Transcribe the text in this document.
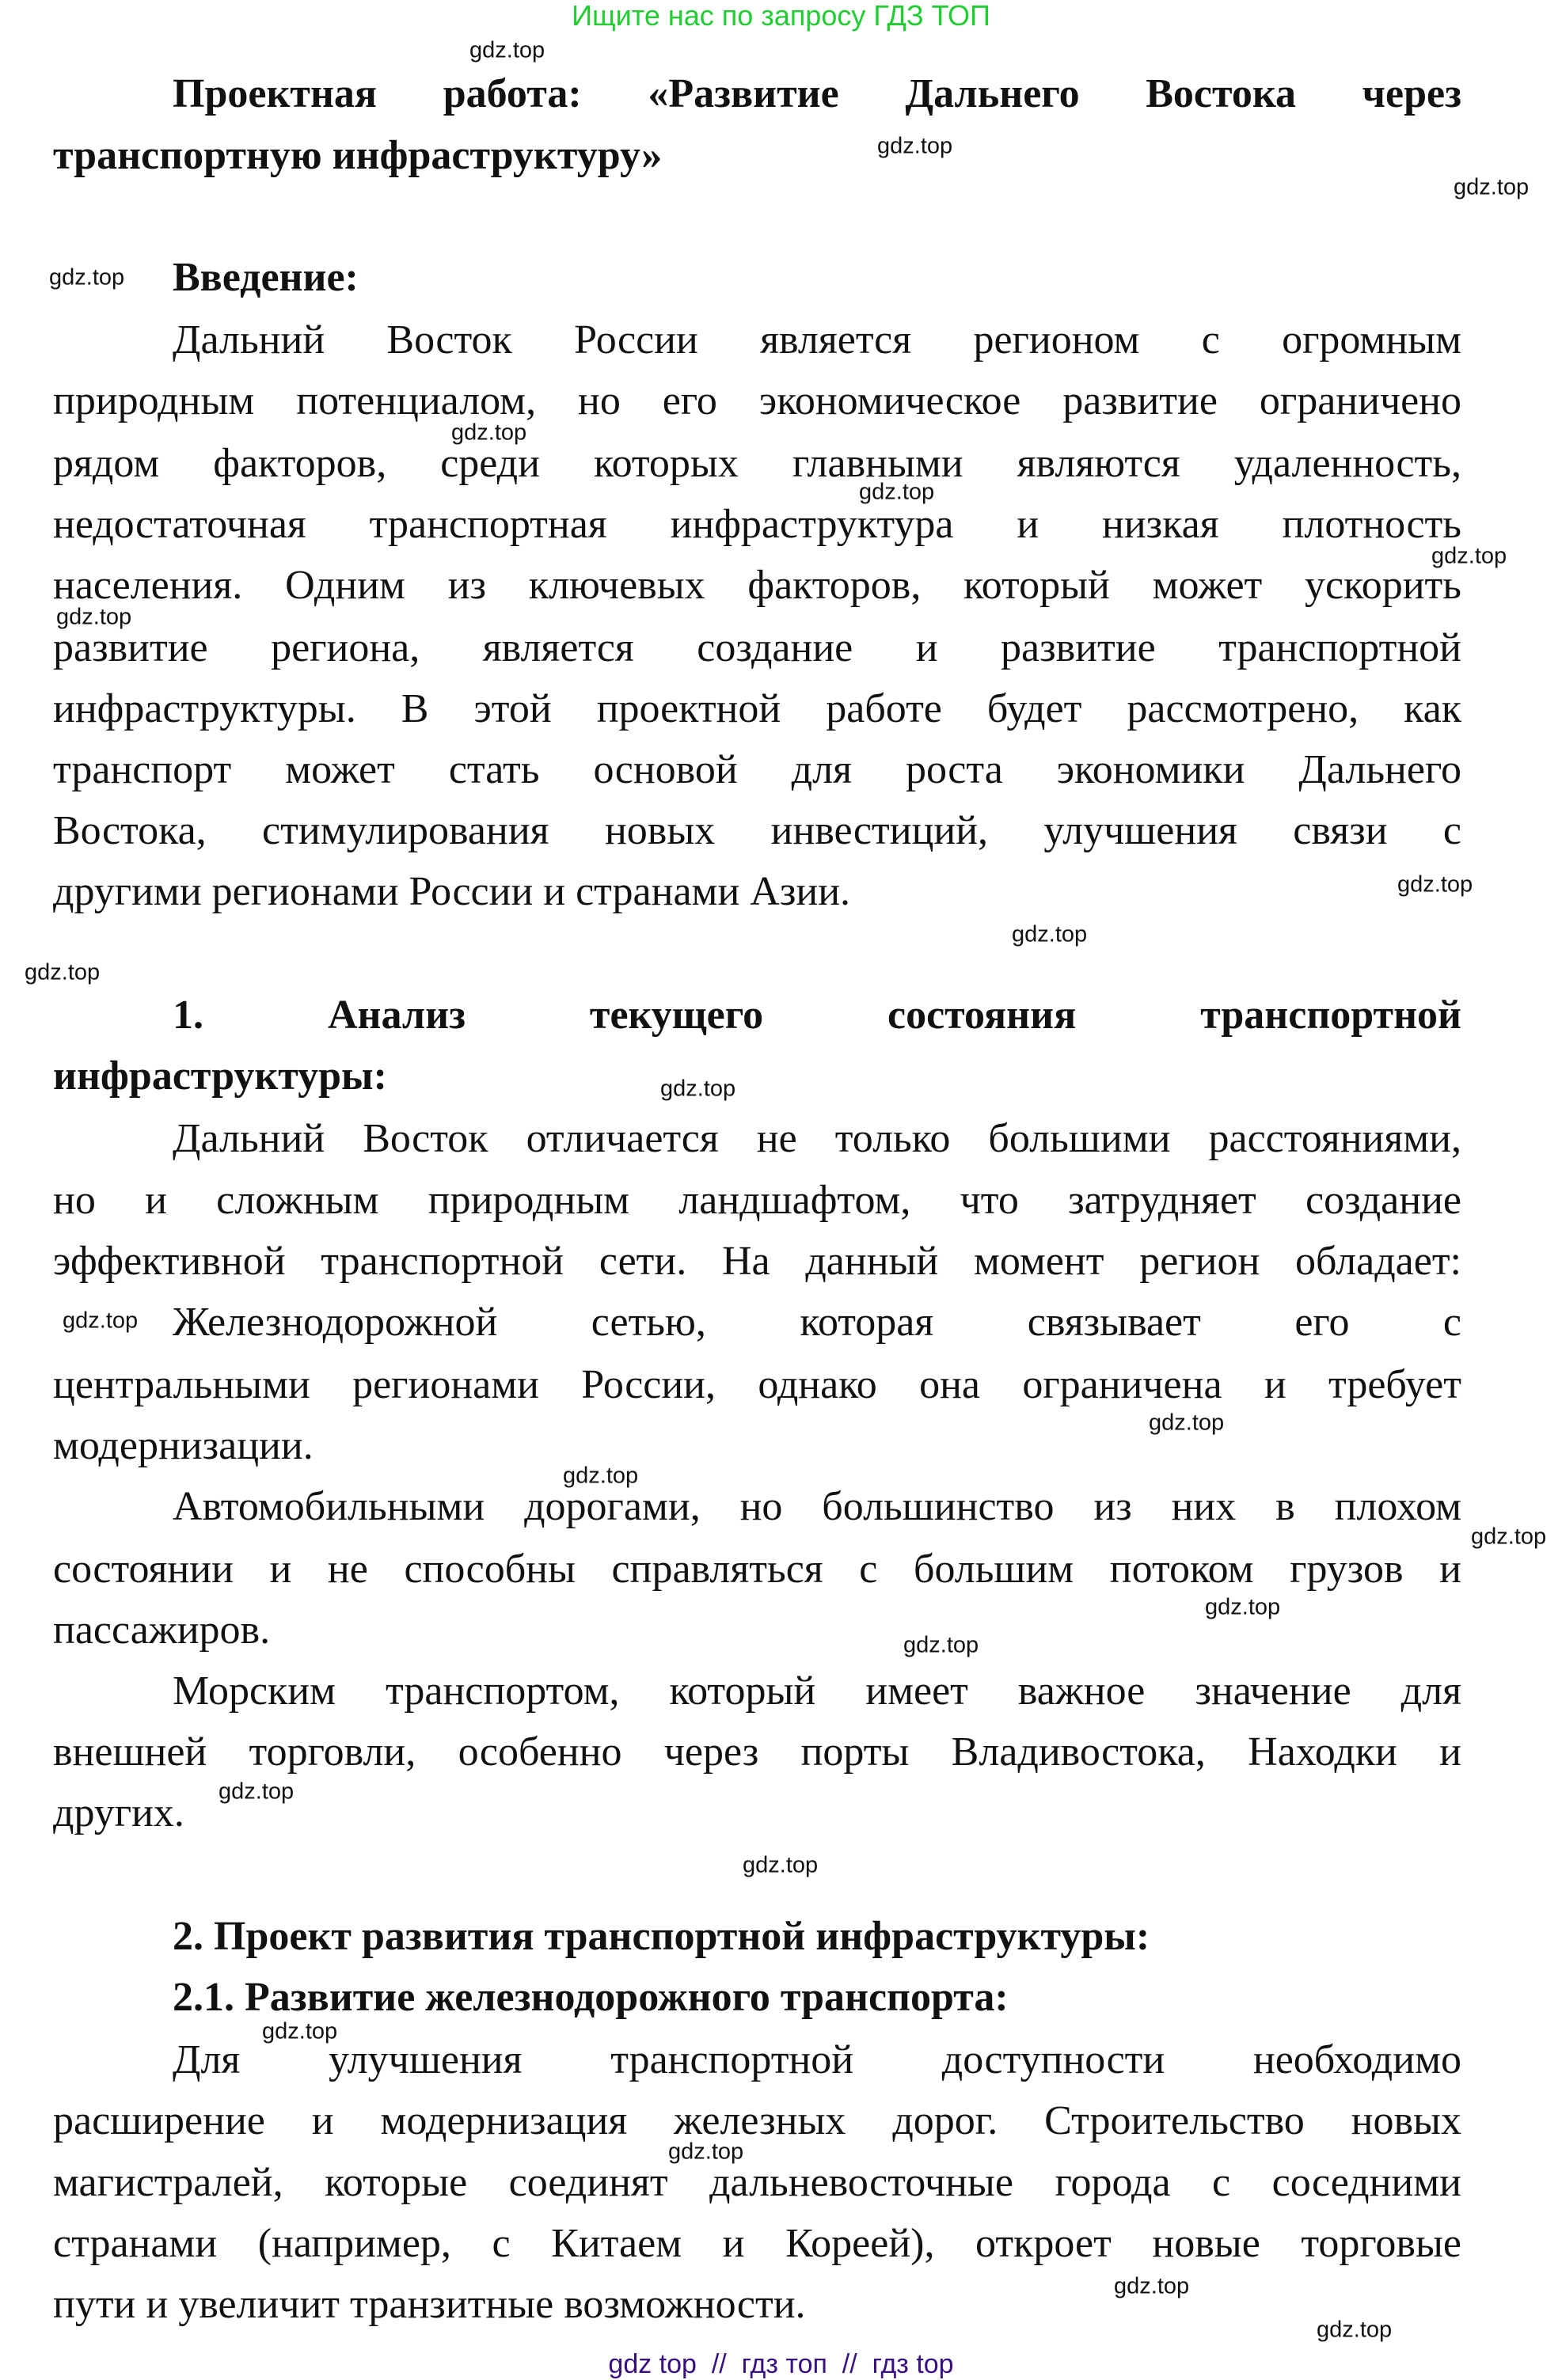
Ищите нас по запросу ГДЗ ТОП
Проектная работа: «Развитие Дальнего Востока через
транспортную инфраструктуру»
Введение:
Дальний Восток России является регионом с огромным
природным потенциалом, но его экономическое развитие ограничено
рядом факторов, среди которых главными являются удаленность,
недостаточная транспортная инфраструктура и низкая плотность
населения. Одним из ключевых факторов, который может ускорить
развитие региона, является создание и развитие транспортной
инфраструктуры. В этой проектной работе будет рассмотрено, как
транспорт может стать основой для роста экономики Дальнего
Востока, стимулирования новых инвестиций, улучшения связи с
другими регионами России и странами Азии.
1. Анализ текущего состояния транспортной
инфраструктуры:
Дальний Восток отличается не только большими расстояниями,
но и сложным природным ландшафтом, что затрудняет создание
эффективной транспортной сети. На данный момент регион обладает:
Железнодорожной сетью, которая связывает его с
центральными регионами России, однако она ограничена и требует
модернизации.
Автомобильными дорогами, но большинство из них в плохом
состоянии и не способны справляться с большим потоком грузов и
пассажиров.
Морским транспортом, который имеет важное значение для
внешней торговли, особенно через порты Владивостока, Находки и
других.
2. Проект развития транспортной инфраструктуры:
2.1. Развитие железнодорожного транспорта:
Для улучшения транспортной доступности необходимо
расширение и модернизация железных дорог. Строительство новых
магистралей, которые соединят дальневосточные города с соседними
странами (например, с Китаем и Кореей), откроет новые торговые
пути и увеличит транзитные возможности.
gdz.top
gdz.top
gdz.top
gdz.top
gdz.top
gdz.top
gdz.top
gdz.top
gdz.top
gdz.top
gdz.top
gdz.top
gdz.top
gdz.top
gdz.top
gdz.top
gdz.top
gdz.top
gdz.top
gdz.top
gdz.top
gdz.top
gdz.top
gdz.top
gdz top  //  гдз топ  //  гдз top
